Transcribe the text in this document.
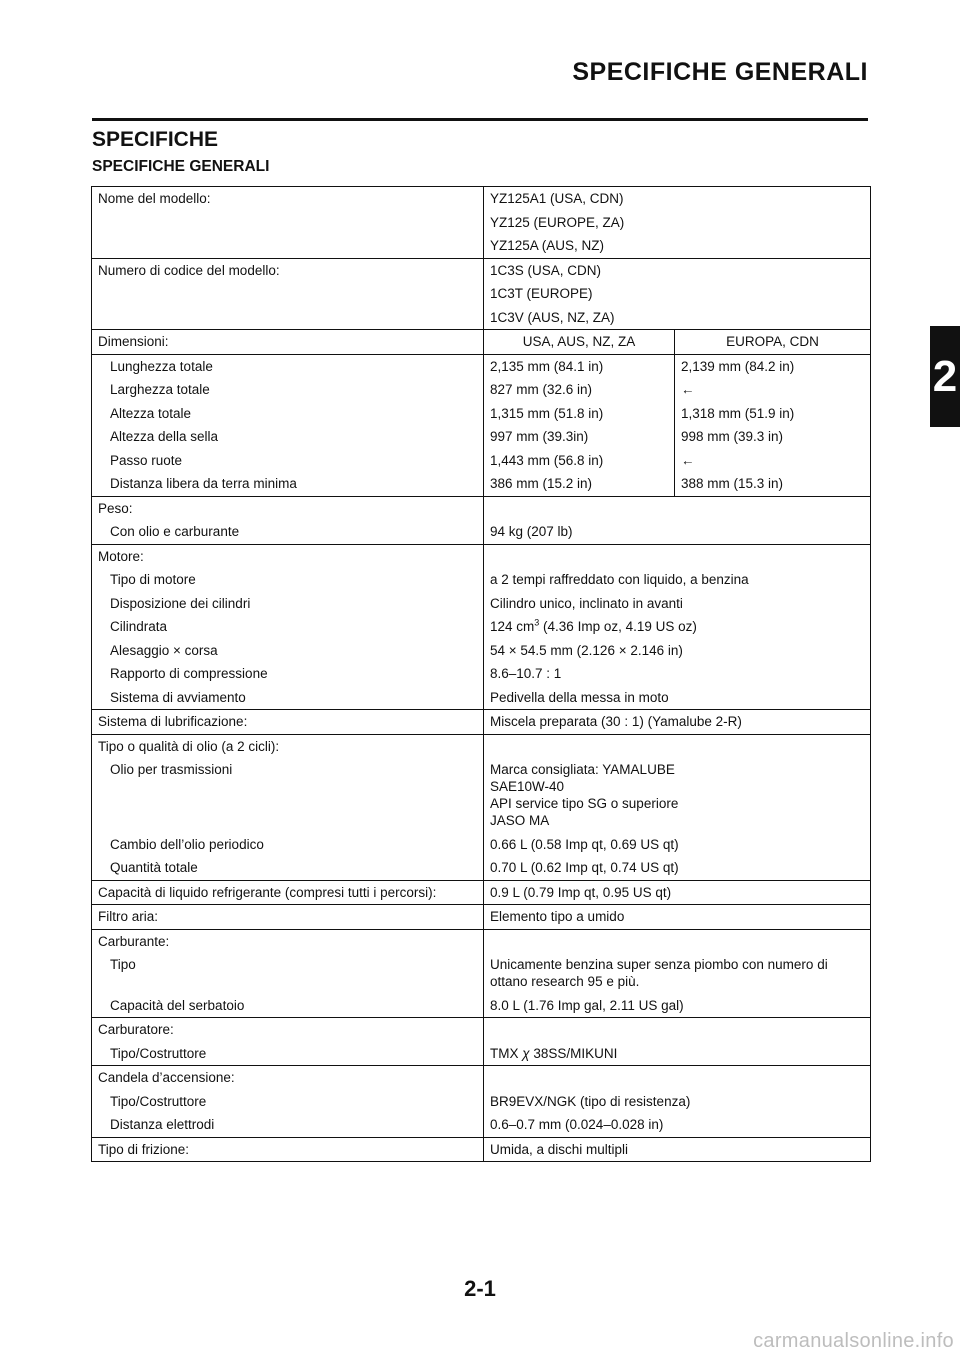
SPECIFICHE GENERALI
SPECIFICHE
SPECIFICHE GENERALI
2
Nome del modello:	YZ125A1 (USA, CDN)	
	YZ125 (EUROPE, ZA)	
	YZ125A (AUS, NZ)	
Numero di codice del modello:	1C3S (USA, CDN)	
	1C3T (EUROPE)	
	1C3V (AUS, NZ, ZA)	
Dimensioni:	USA, AUS, NZ, ZA	EUROPA, CDN
Lunghezza totale	2,135 mm (84.1 in)	2,139 mm (84.2 in)
Larghezza totale	827 mm (32.6 in)	←
Altezza totale	1,315 mm (51.8 in)	1,318 mm (51.9 in)
Altezza della sella	997 mm (39.3in)	998 mm (39.3 in)
Passo ruote	1,443 mm (56.8 in)	←
Distanza libera da terra minima	386 mm (15.2 in)	388 mm (15.3 in)
Peso:		
Con olio e carburante	94 kg (207 lb)	
Motore:		
Tipo di motore	a 2 tempi raffreddato con liquido, a benzina	
Disposizione dei cilindri	Cilindro unico, inclinato in avanti	
Cilindrata	124 $cm^3$ (4.36 Imp oz, 4.19 US oz)	
Alesaggio × corsa	54 × 54.5 mm (2.126 × 2.146 in)	
Rapporto di compressione	8.6–10.7 : 1	
Sistema di avviamento	Pedivella della messa in moto	
Sistema di lubrificazione:	Miscela preparata (30 : 1) (Yamalube 2-R)	
Tipo o qualità di olio (a 2 cicli):		
Olio per trasmissioni	Marca consigliata: YAMALUBE
SAE10W-40
API service tipo SG o superiore
JASO MA	

Cambio dell’olio periodico	0.66 L (0.58 Imp qt, 0.69 US qt)	
Quantità totale	0.70 L (0.62 Imp qt, 0.74 US qt)	
Capacità di liquido refrigerante (compresi tutti i percorsi):	0.9 L (0.79 Imp qt, 0.95 US qt)	
Filtro aria:	Elemento tipo a umido	
Carburante:		
Tipo	Unicamente benzina super senza piombo con numero di
ottano research 95 e più.	

Capacità del serbatoio	8.0 L (1.76 Imp gal, 2.11 US gal)	
Carburatore:		
Tipo/Costruttore	TMX χ 38SS/MIKUNI	
Candela d’accensione:		
Tipo/Costruttore	BR9EVX/NGK (tipo di resistenza)	
Distanza elettrodi	0.6–0.7 mm (0.024–0.028 in)	
Tipo di frizione:	Umida, a dischi multipli	
2-1
carmanualsonline.info
